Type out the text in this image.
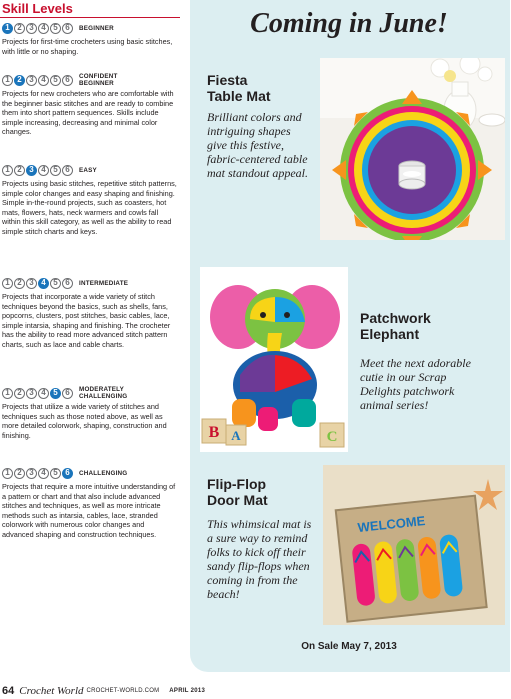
Skill Levels
1 2 3 4 5 6	BEGINNER
Projects for first-time crocheters using basic stitches, with little or no shaping.
1 2 3 4 5 6	CONFIDENT BEGINNER
Projects for new crocheters who are comfortable with the beginner basic stitches and are ready to combine them into short pattern sequences. Skills include simple increasing, decreasing and minimal color changes.
1 2 3 4 5 6	EASY
Projects using basic stitches, repetitive stitch patterns, simple color changes and easy shaping and finishing. Simple in-the-round projects, such as coasters, hot mats, flowers, hats, neck warmers and cowls fall within this skill category, as well as the ability to read simple stitch charts and keys.
1 2 3 4 5 6	INTERMEDIATE
Projects that incorporate a wide variety of stitch techniques beyond the basics, such as shells, fans, popcorns, clusters, post stitches, basic cables, lace, simple intarsia, shaping and finishing. The crocheter has the ability to read more advanced stitch pattern charts, such as lace and cable charts.
1 2 3 4 5 6	MODERATELY CHALLENGING
Projects that utilize a wide variety of stitches and techniques such as those noted above, as well as more detailed colorwork, shaping, construction and finishing.
1 2 3 4 5 6	CHALLENGING
Projects that require a more intuitive understanding of a pattern or chart and that also include advanced stitches and techniques, as well as more intricate methods such as intarsia, cables, lace, stranded colorwork with numerous color changes and advanced shaping and construction techniques.
Coming in June!
Fiesta
Table Mat
Brilliant colors and intriguing shapes give this festive, fabric-centered table mat standout appeal.
B A	C
Patchwork
Elephant
Meet the next adorable cutie in our Scrap Delights patchwork animal series!
Flip-Flop
Door Mat
This whimsical mat is a sure way to remind folks to kick off their sandy flip-flops when coming in from the beach!
WELCOME
On Sale May 7, 2013
64 Crochet World CROCHET-WORLD.COM APRIL 2013
